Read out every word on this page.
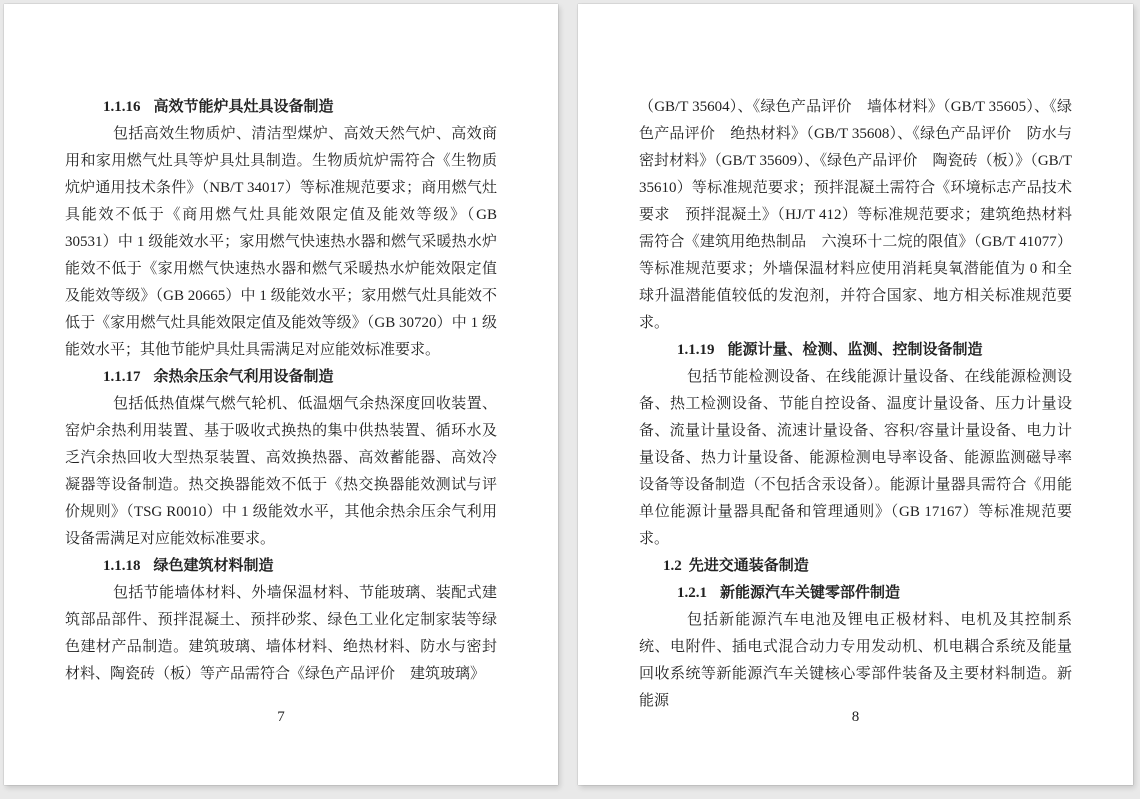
1.1.16 高效节能炉具灶具设备制造
包括高效生物质炉、清洁型煤炉、高效天然气炉、高效商用和家用燃气灶具等炉具灶具制造。生物质炕炉需符合《生物质炕炉通用技术条件》（NB/T 34017）等标准规范要求；商用燃气灶具能效不低于《商用燃气灶具能效限定值及能效等级》（GB 30531）中 1 级能效水平；家用燃气快速热水器和燃气采暖热水炉能效不低于《家用燃气快速热水器和燃气采暖热水炉能效限定值及能效等级》（GB 20665）中 1 级能效水平；家用燃气灶具能效不低于《家用燃气灶具能效限定值及能效等级》（GB 30720）中 1 级能效水平；其他节能炉具灶具需满足对应能效标准要求。
1.1.17 余热余压余气利用设备制造
包括低热值煤气燃气轮机、低温烟气余热深度回收装置、窑炉余热利用装置、基于吸收式换热的集中供热装置、循环水及乏汽余热回收大型热泵装置、高效换热器、高效蓄能器、高效冷凝器等设备制造。热交换器能效不低于《热交换器能效测试与评价规则》（TSG R0010）中 1 级能效水平，其他余热余压余气利用设备需满足对应能效标准要求。
1.1.18 绿色建筑材料制造
包括节能墙体材料、外墙保温材料、节能玻璃、装配式建筑部品部件、预拌混凝土、预拌砂浆、绿色工业化定制家装等绿色建材产品制造。建筑玻璃、墙体材料、绝热材料、防水与密封材料、陶瓷砖（板）等产品需符合《绿色产品评价　建筑玻璃》
7
（GB/T 35604）、《绿色产品评价　墙体材料》（GB/T 35605）、《绿色产品评价　绝热材料》（GB/T 35608）、《绿色产品评价　防水与密封材料》（GB/T 35609）、《绿色产品评价　陶瓷砖（板）》（GB/T 35610）等标准规范要求；预拌混凝土需符合《环境标志产品技术要求　预拌混凝土》（HJ/T 412）等标准规范要求；建筑绝热材料需符合《建筑用绝热制品　六溴环十二烷的限值》（GB/T 41077）等标准规范要求；外墙保温材料应使用消耗臭氧潜能值为 0 和全球升温潜能值较低的发泡剂，并符合国家、地方相关标准规范要求。
1.1.19 能源计量、检测、监测、控制设备制造
包括节能检测设备、在线能源计量设备、在线能源检测设备、热工检测设备、节能自控设备、温度计量设备、压力计量设备、流量计量设备、流速计量设备、容积/容量计量设备、电力计量设备、热力计量设备、能源检测电导率设备、能源监测磁导率设备等设备制造（不包括含汞设备）。能源计量器具需符合《用能单位能源计量器具配备和管理通则》（GB 17167）等标准规范要求。
1.2 先进交通装备制造
1.2.1 新能源汽车关键零部件制造
包括新能源汽车电池及锂电正极材料、电机及其控制系统、电附件、插电式混合动力专用发动机、机电耦合系统及能量回收系统等新能源汽车关键核心零部件装备及主要材料制造。新能源
8
